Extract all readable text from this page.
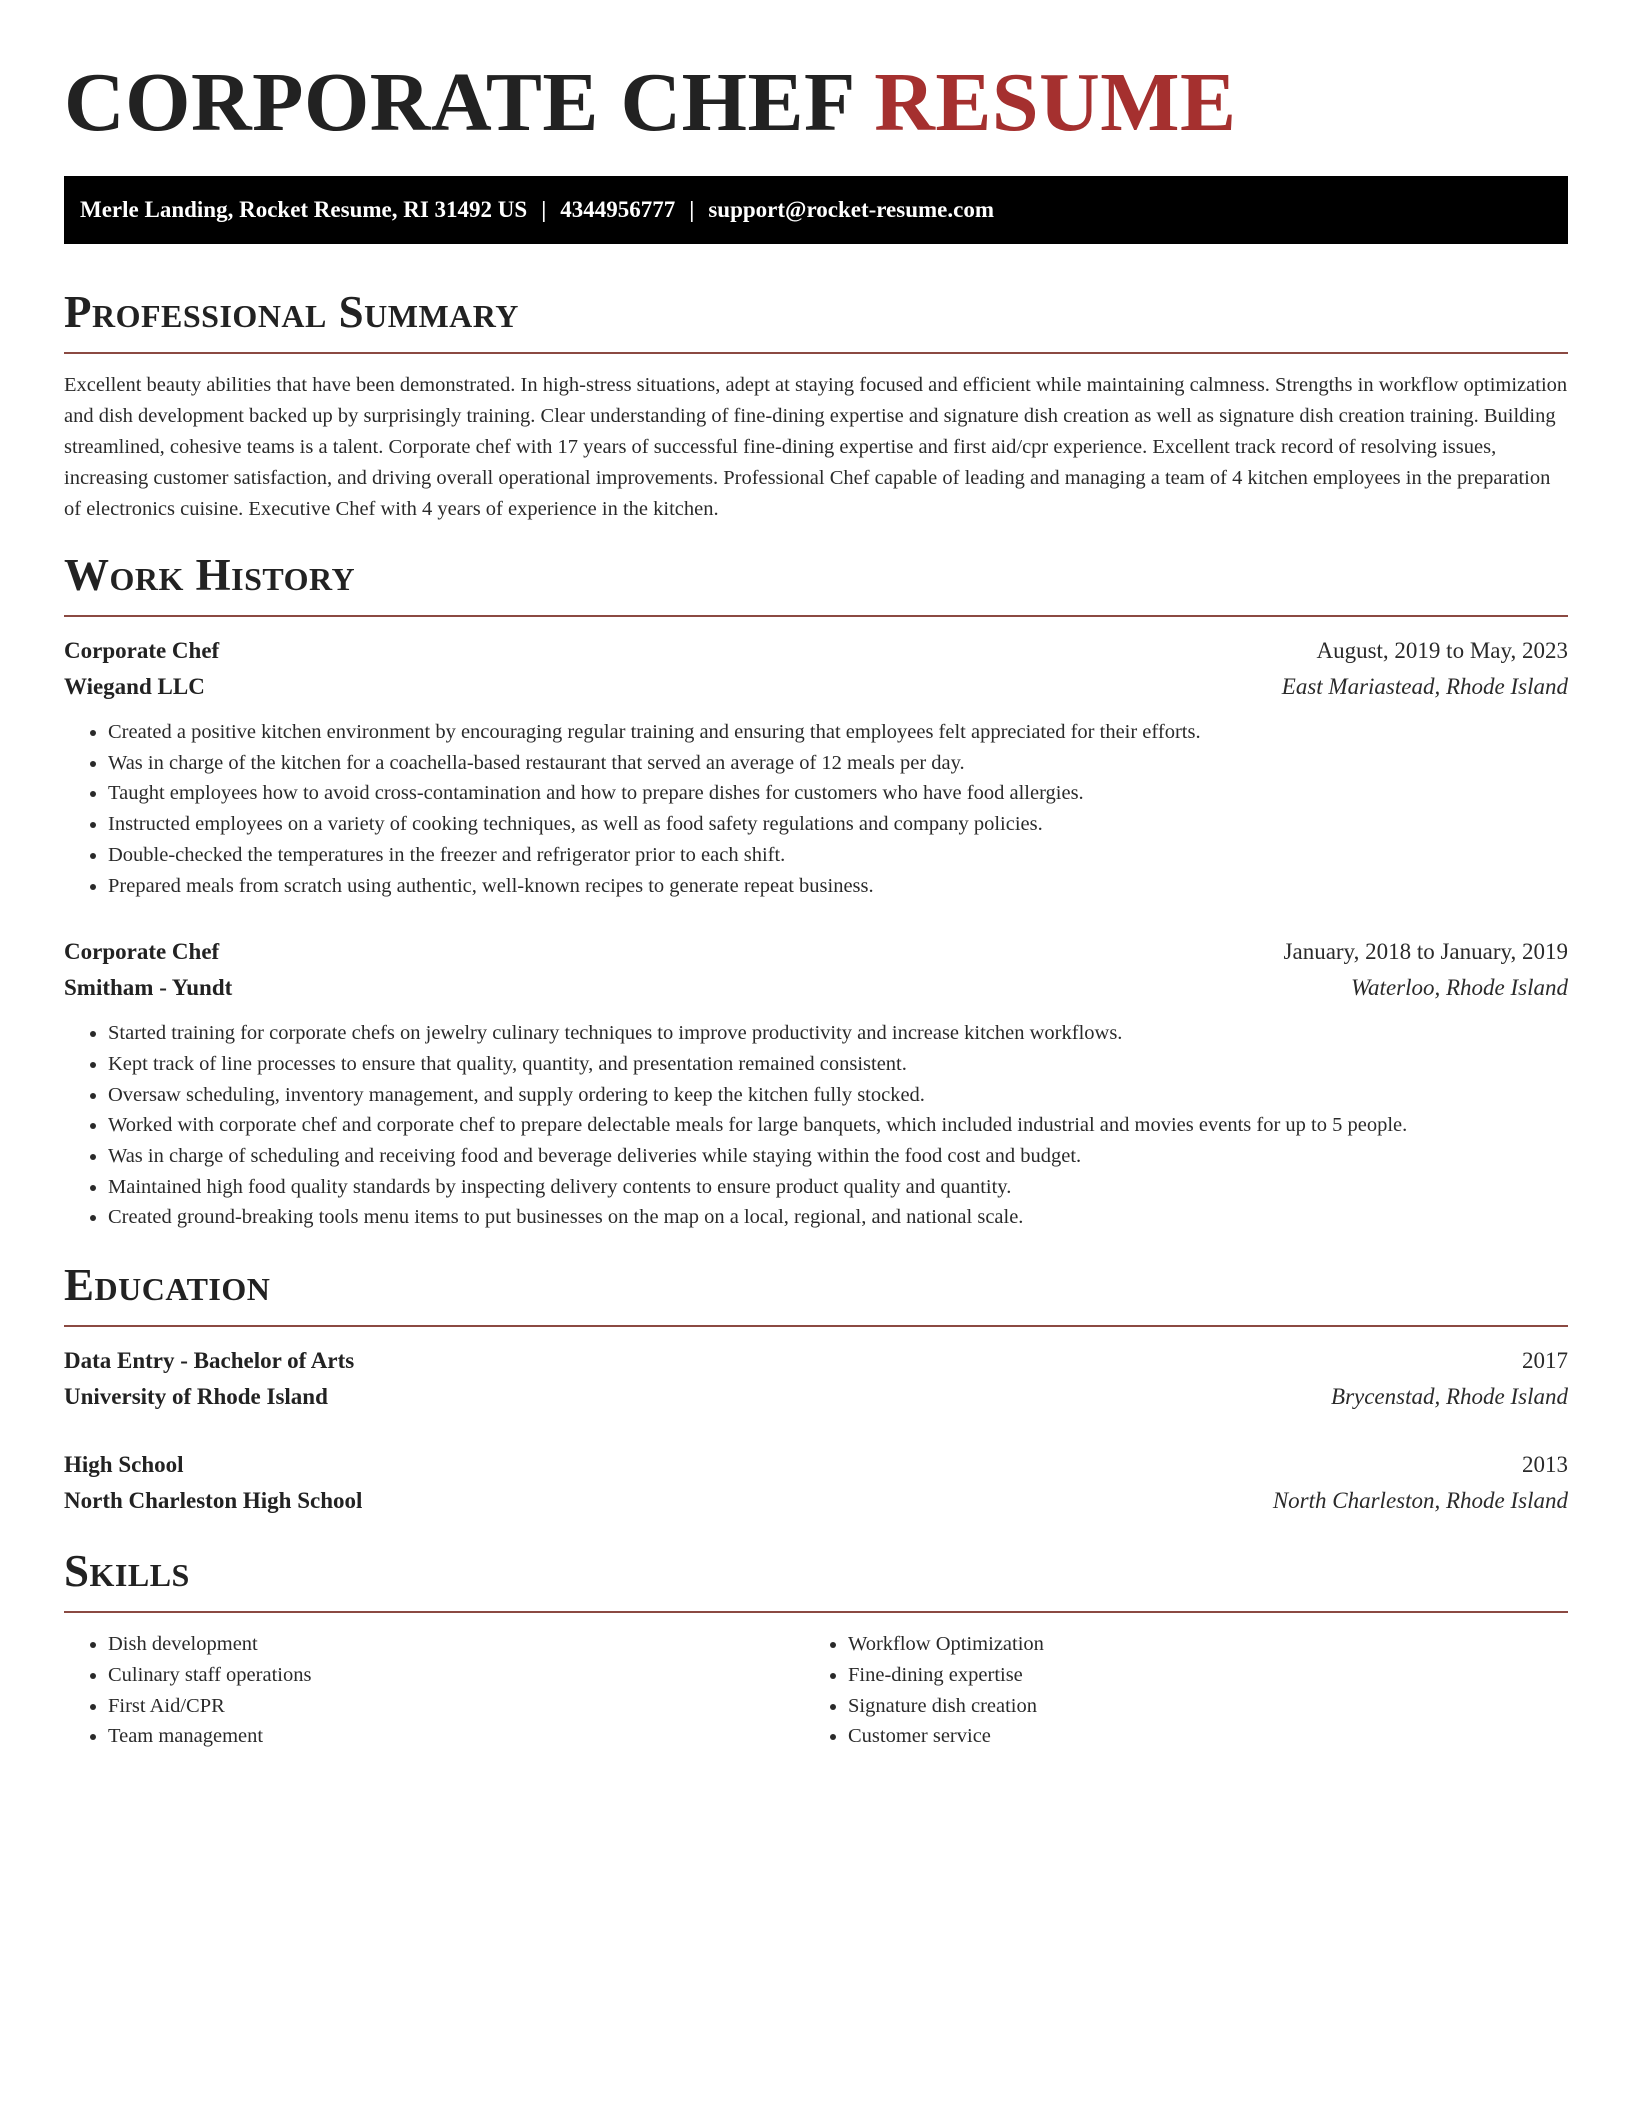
CORPORATE CHEF RESUME
Merle Landing, Rocket Resume, RI 31492 US | 4344956777 | support@rocket-resume.com
Professional Summary

Excellent beauty abilities that have been demonstrated. In high-stress situations, adept at staying focused and efficient while maintaining calmness. Strengths in workflow optimization and dish development backed up by surprisingly training. Clear understanding of fine-dining expertise and signature dish creation as well as signature dish creation training. Building streamlined, cohesive teams is a talent. Corporate chef with 17 years of successful fine-dining expertise and first aid/cpr experience. Excellent track record of resolving issues, increasing customer satisfaction, and driving overall operational improvements. Professional Chef capable of leading and managing a team of 4 kitchen employees in the preparation of electronics cuisine. Executive Chef with 4 years of experience in the kitchen.

Work History
Corporate Chef	August, 2019 to May, 2023
Wiegand LLC	East Mariastead, Rhode Island
• Created a positive kitchen environment by encouraging regular training and ensuring that employees felt appreciated for their efforts.
• Was in charge of the kitchen for a coachella-based restaurant that served an average of 12 meals per day.
• Taught employees how to avoid cross-contamination and how to prepare dishes for customers who have food allergies.
• Instructed employees on a variety of cooking techniques, as well as food safety regulations and company policies.
• Double-checked the temperatures in the freezer and refrigerator prior to each shift.
• Prepared meals from scratch using authentic, well-known recipes to generate repeat business.
Corporate Chef	January, 2018 to January, 2019
Smitham - Yundt	Waterloo, Rhode Island
• Started training for corporate chefs on jewelry culinary techniques to improve productivity and increase kitchen workflows.
• Kept track of line processes to ensure that quality, quantity, and presentation remained consistent.
• Oversaw scheduling, inventory management, and supply ordering to keep the kitchen fully stocked.
• Worked with corporate chef and corporate chef to prepare delectable meals for large banquets, which included industrial and movies events for up to 5 people.
• Was in charge of scheduling and receiving food and beverage deliveries while staying within the food cost and budget.
• Maintained high food quality standards by inspecting delivery contents to ensure product quality and quantity.
• Created ground-breaking tools menu items to put businesses on the map on a local, regional, and national scale.
Education
Data Entry - Bachelor of Arts	2017
University of Rhode Island	Brycenstad, Rhode Island
High School	2013
North Charleston High School	North Charleston, Rhode Island
Skills
• Dish development
• Culinary staff operations
• First Aid/CPR
• Team management
• Workflow Optimization
• Fine-dining expertise
• Signature dish creation
• Customer service
